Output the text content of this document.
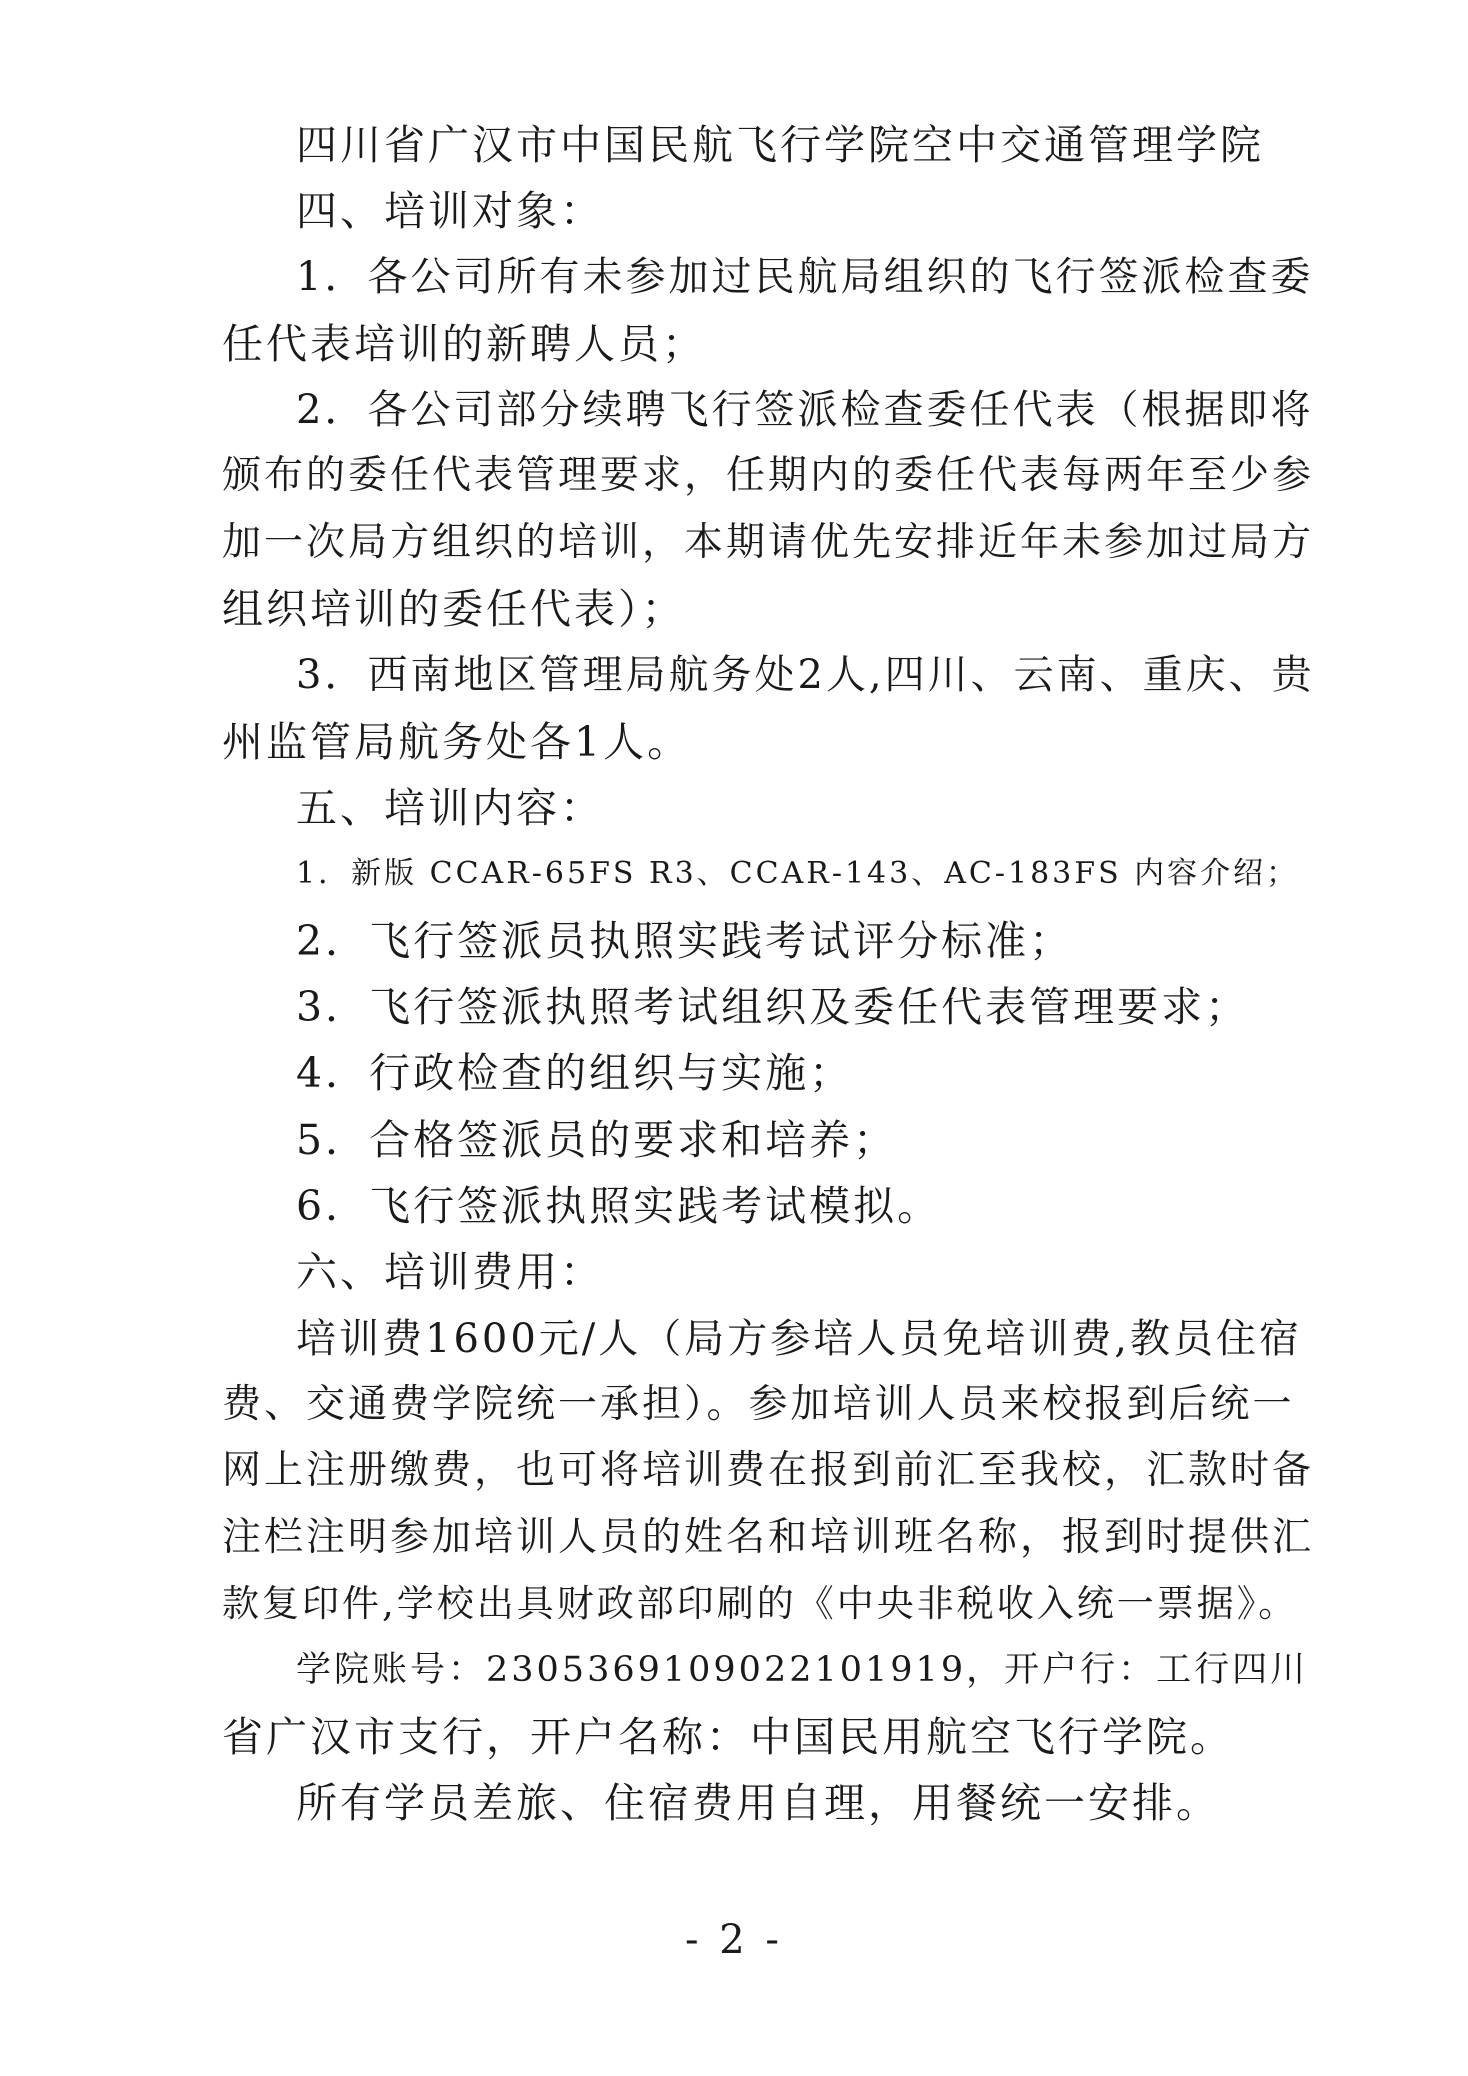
四川省广汉市中国民航飞行学院空中交通管理学院
四、培训对象：
1．各公司所有未参加过民航局组织的飞行签派检查委
任代表培训的新聘人员；
2．各公司部分续聘飞行签派检查委任代表（根据即将
颁布的委任代表管理要求，任期内的委任代表每两年至少参
加一次局方组织的培训，本期请优先安排近年未参加过局方
组织培训的委任代表）；
3．西南地区管理局航务处2人,四川、云南、重庆、贵
州监管局航务处各1人。
五、培训内容：
1．新版 CCAR-65FS R3、CCAR-143、AC-183FS 内容介绍；
2．飞行签派员执照实践考试评分标准；
3．飞行签派执照考试组织及委任代表管理要求；
4．行政检查的组织与实施；
5．合格签派员的要求和培养；
6．飞行签派执照实践考试模拟。
六、培训费用：
培训费1600元/人（局方参培人员免培训费,教员住宿
费、交通费学院统一承担）。参加培训人员来校报到后统一
网上注册缴费，也可将培训费在报到前汇至我校，汇款时备
注栏注明参加培训人员的姓名和培训班名称，报到时提供汇
款复印件,学校出具财政部印刷的《中央非税收入统一票据》。
学院账号：2305369109022101919，开户行：工行四川
省广汉市支行，开户名称：中国民用航空飞行学院。
所有学员差旅、住宿费用自理，用餐统一安排。
- 2 -
